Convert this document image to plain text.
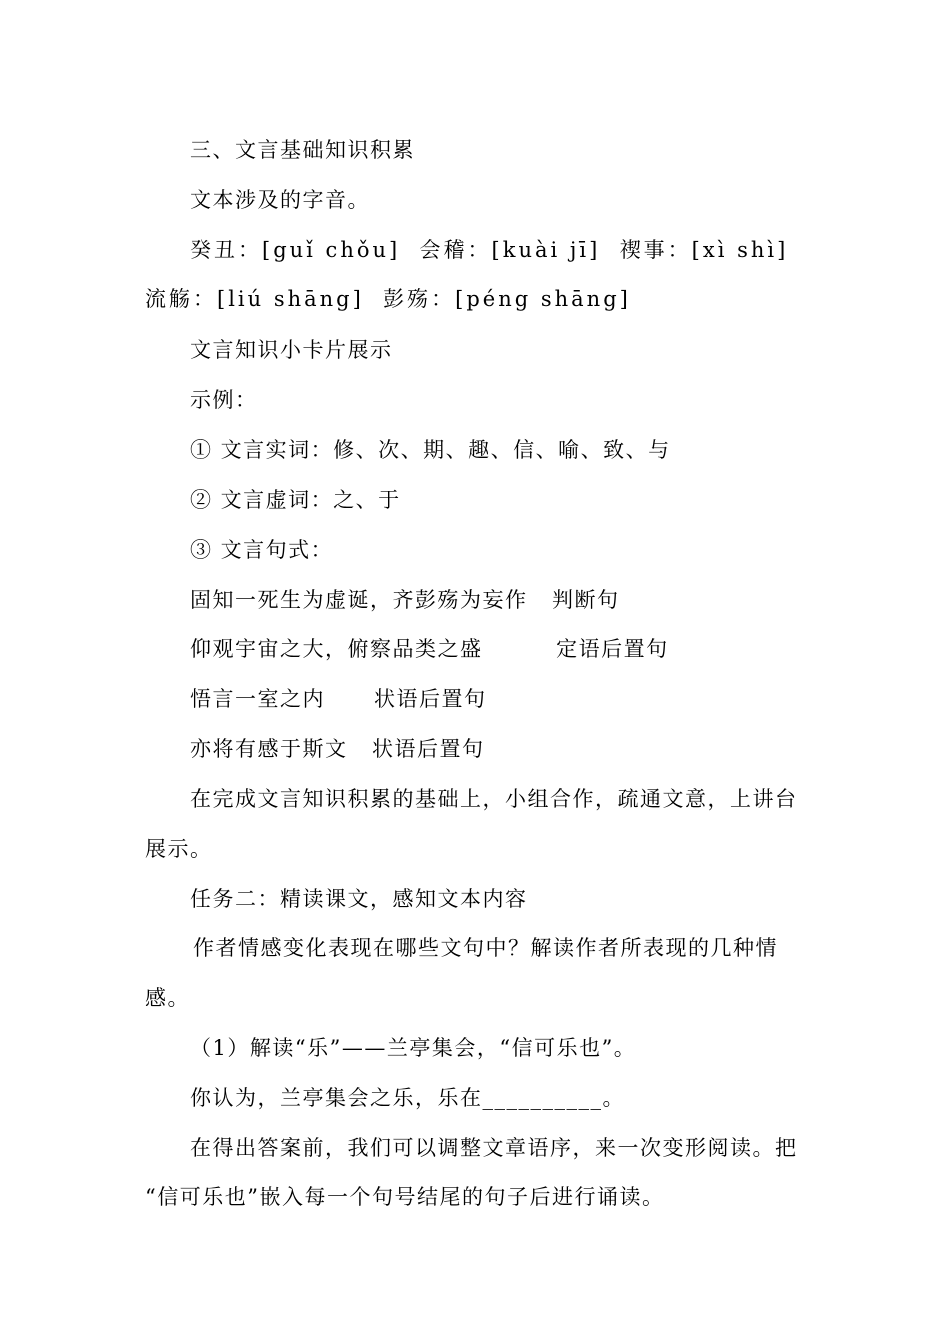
三、文言基础知识积累
文本涉及的字音。
癸丑：[guǐ chǒu]  会稽：[kuài jī]  禊事：[xì shì]
流觞：[liú shāng]  彭殇：[péng shāng]
文言知识小卡片展示
示例：
① 文言实词：修、次、期、趣、信、喻、致、与
② 文言虚词：之、于
③ 文言句式：
固知一死生为虚诞，齐彭殇为妄作   判断句
仰观宇宙之大，俯察品类之盛         定语后置句
悟言一室之内      状语后置句
亦将有感于斯文   状语后置句
在完成文言知识积累的基础上，小组合作，疏通文意，上讲台
展示。
任务二：精读课文，感知文本内容
作者情感变化表现在哪些文句中？解读作者所表现的几种情
感。
（1）解读“乐”——兰亭集会，“信可乐也”。
你认为，兰亭集会之乐，乐在__________。
在得出答案前，我们可以调整文章语序，来一次变形阅读。把
“信可乐也”嵌入每一个句号结尾的句子后进行诵读。
